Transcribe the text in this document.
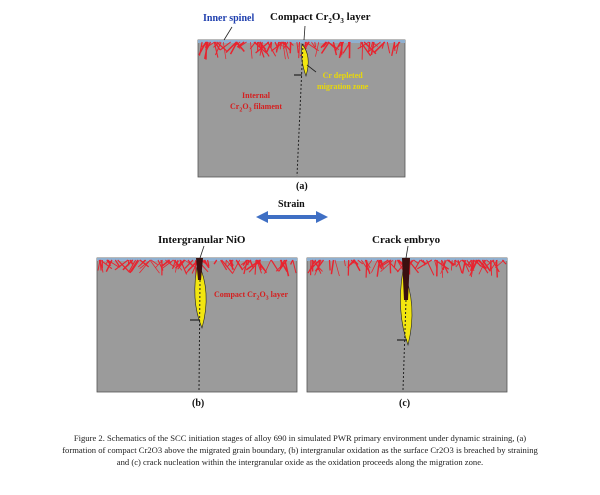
Inner spinel Compact $Cr_2O_3$ layer
Internal
$Cr_2O_3$ filament
Cr depleted
migration zone
(a)
Strain
Intergranular NiO
Compact $Cr_2O_3$ layer
(b)
Crack embryo
(c)
Figure 2. Schematics of the SCC initiation stages of alloy 690 in simulated PWR primary environment under dynamic straining, (a) formation of compact Cr2O3 above the migrated grain boundary, (b) intergranular oxidation as the surface Cr2O3 is breached by straining and (c) crack nucleation within the intergranular oxide as the oxidation proceeds along the migration zone.
